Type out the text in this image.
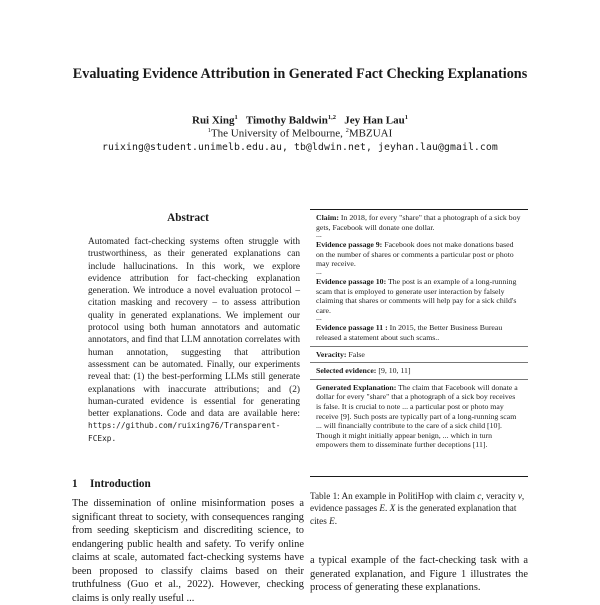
Evaluating Evidence Attribution in Generated Fact Checking Explanations
Rui Xing$^1$ Timothy Baldwin$^{1,2}$ Jey Han Lau$^1$
$^1$The University of Melbourne, $^2$MBZUAI
ruixing@student.unimelb.edu.au, tb@ldwin.net, jeyhan.lau@gmail.com
Abstract
Automated fact-checking systems often struggle with trustworthiness, as their generated explanations can include hallucinations. In this work, we explore evidence attribution for fact-checking explanation generation. We introduce a novel evaluation protocol – citation masking and recovery – to assess attribution quality in generated explanations. We implement our protocol using both human annotators and automatic annotators, and find that LLM annotation correlates with human annotation, suggesting that attribution assessment can be automated. Finally, our experiments reveal that: (1) the best-performing LLMs still generate explanations with inaccurate attributions; and (2) human-curated evidence is essential for generating better explanations. Code and data are available here: https://github.com/ruixing76/Transparent-FCExp.
1 Introduction
The dissemination of online misinformation poses a significant threat to society, with consequences ranging from seeding skepticism and discrediting science, to endangering public health and safety. To verify online claims at scale, automated fact-checking systems have been proposed to classify claims based on their truthfulness (Guo et al., 2022). However, checking claims is only really useful ...

Claim: In 2018, for every "share" that a photograph of a sick boy gets, Facebook will donate one dollar.

...

Evidence passage 9: Facebook does not make donations based on the number of shares or comments a particular post or photo may receive.

...

Evidence passage 10: The post is an example of a long-running scam that is employed to generate user interaction by falsely claiming that shares or comments will help pay for a sick child's care.

...

Evidence passage 11 : In 2015, the Better Business Bureau released a statement about such scams..

Veracity: False

Selected evidence: [9, 10, 11]

Generated Explanation: The claim that Facebook will donate a dollar for every "share" that a photograph of a sick boy receives is false. It is crucial to note ... a particular post or photo may receive [9]. Such posts are typically part of a long-running scam ... will financially contribute to the care of a sick child [10]. Though it might initially appear benign, ... which in turn empowers them to disseminate further deceptions [11].

Table 1: An example in PolitiHop with claim c, veracity v, evidence passages E. X is the generated explanation that cites E.
a typical example of the fact-checking task with a generated explanation, and Figure 1 illustrates the process of generating these explanations.
